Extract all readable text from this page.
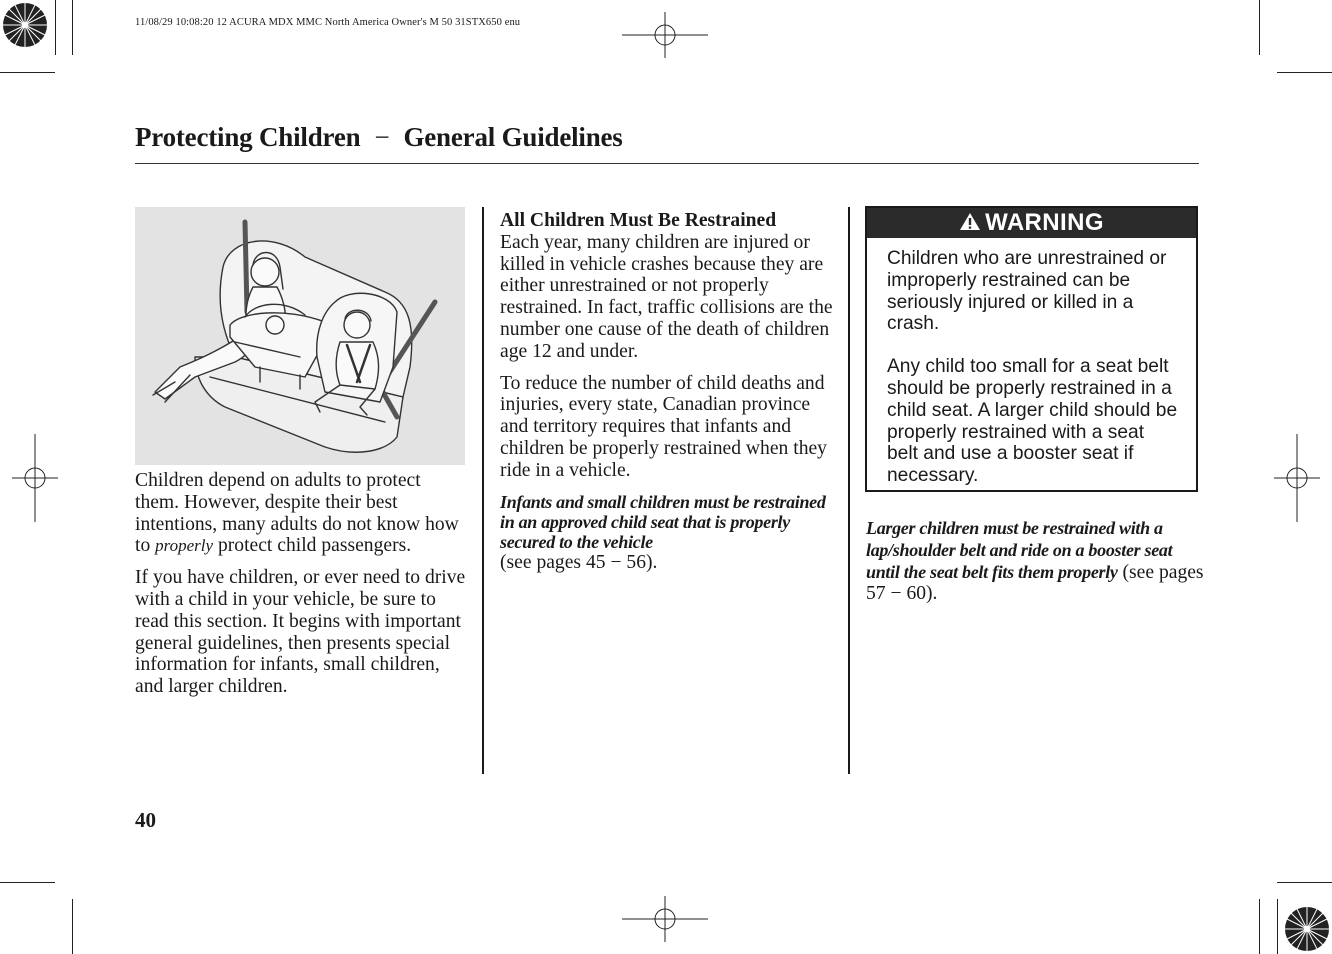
11/08/29 10:08:20 12 ACURA MDX MMC North America Owner's M 50 31STX650 enu
Protecting Children − General Guidelines

Children depend on adults to protect them. However, despite their best intentions, many adults do not know how to properly protect child passengers.

If you have children, or ever need to drive with a child in your vehicle, be sure to read this section. It begins with important general guidelines, then presents special information for infants, small children, and larger children.

All Children Must Be Restrained

Each year, many children are injured or killed in vehicle crashes because they are either unrestrained or not properly restrained. In fact, traffic collisions are the number one cause of the death of children age 12 and under.

To reduce the number of child deaths and injuries, every state, Canadian province and territory requires that infants and children be properly restrained when they ride in a vehicle.

Infants and small children must be restrained in an approved child seat that is properly secured to the vehicle
(see pages 45 − 56).

WARNING

Children who are unrestrained or improperly restrained can be seriously injured or killed in a crash.

Any child too small for a seat belt should be properly restrained in a child seat. A larger child should be properly restrained with a seat belt and use a booster seat if necessary.

Larger children must be restrained with a lap/shoulder belt and ride on a booster seat until the seat belt fits them properly (see pages 57 − 60).

40
